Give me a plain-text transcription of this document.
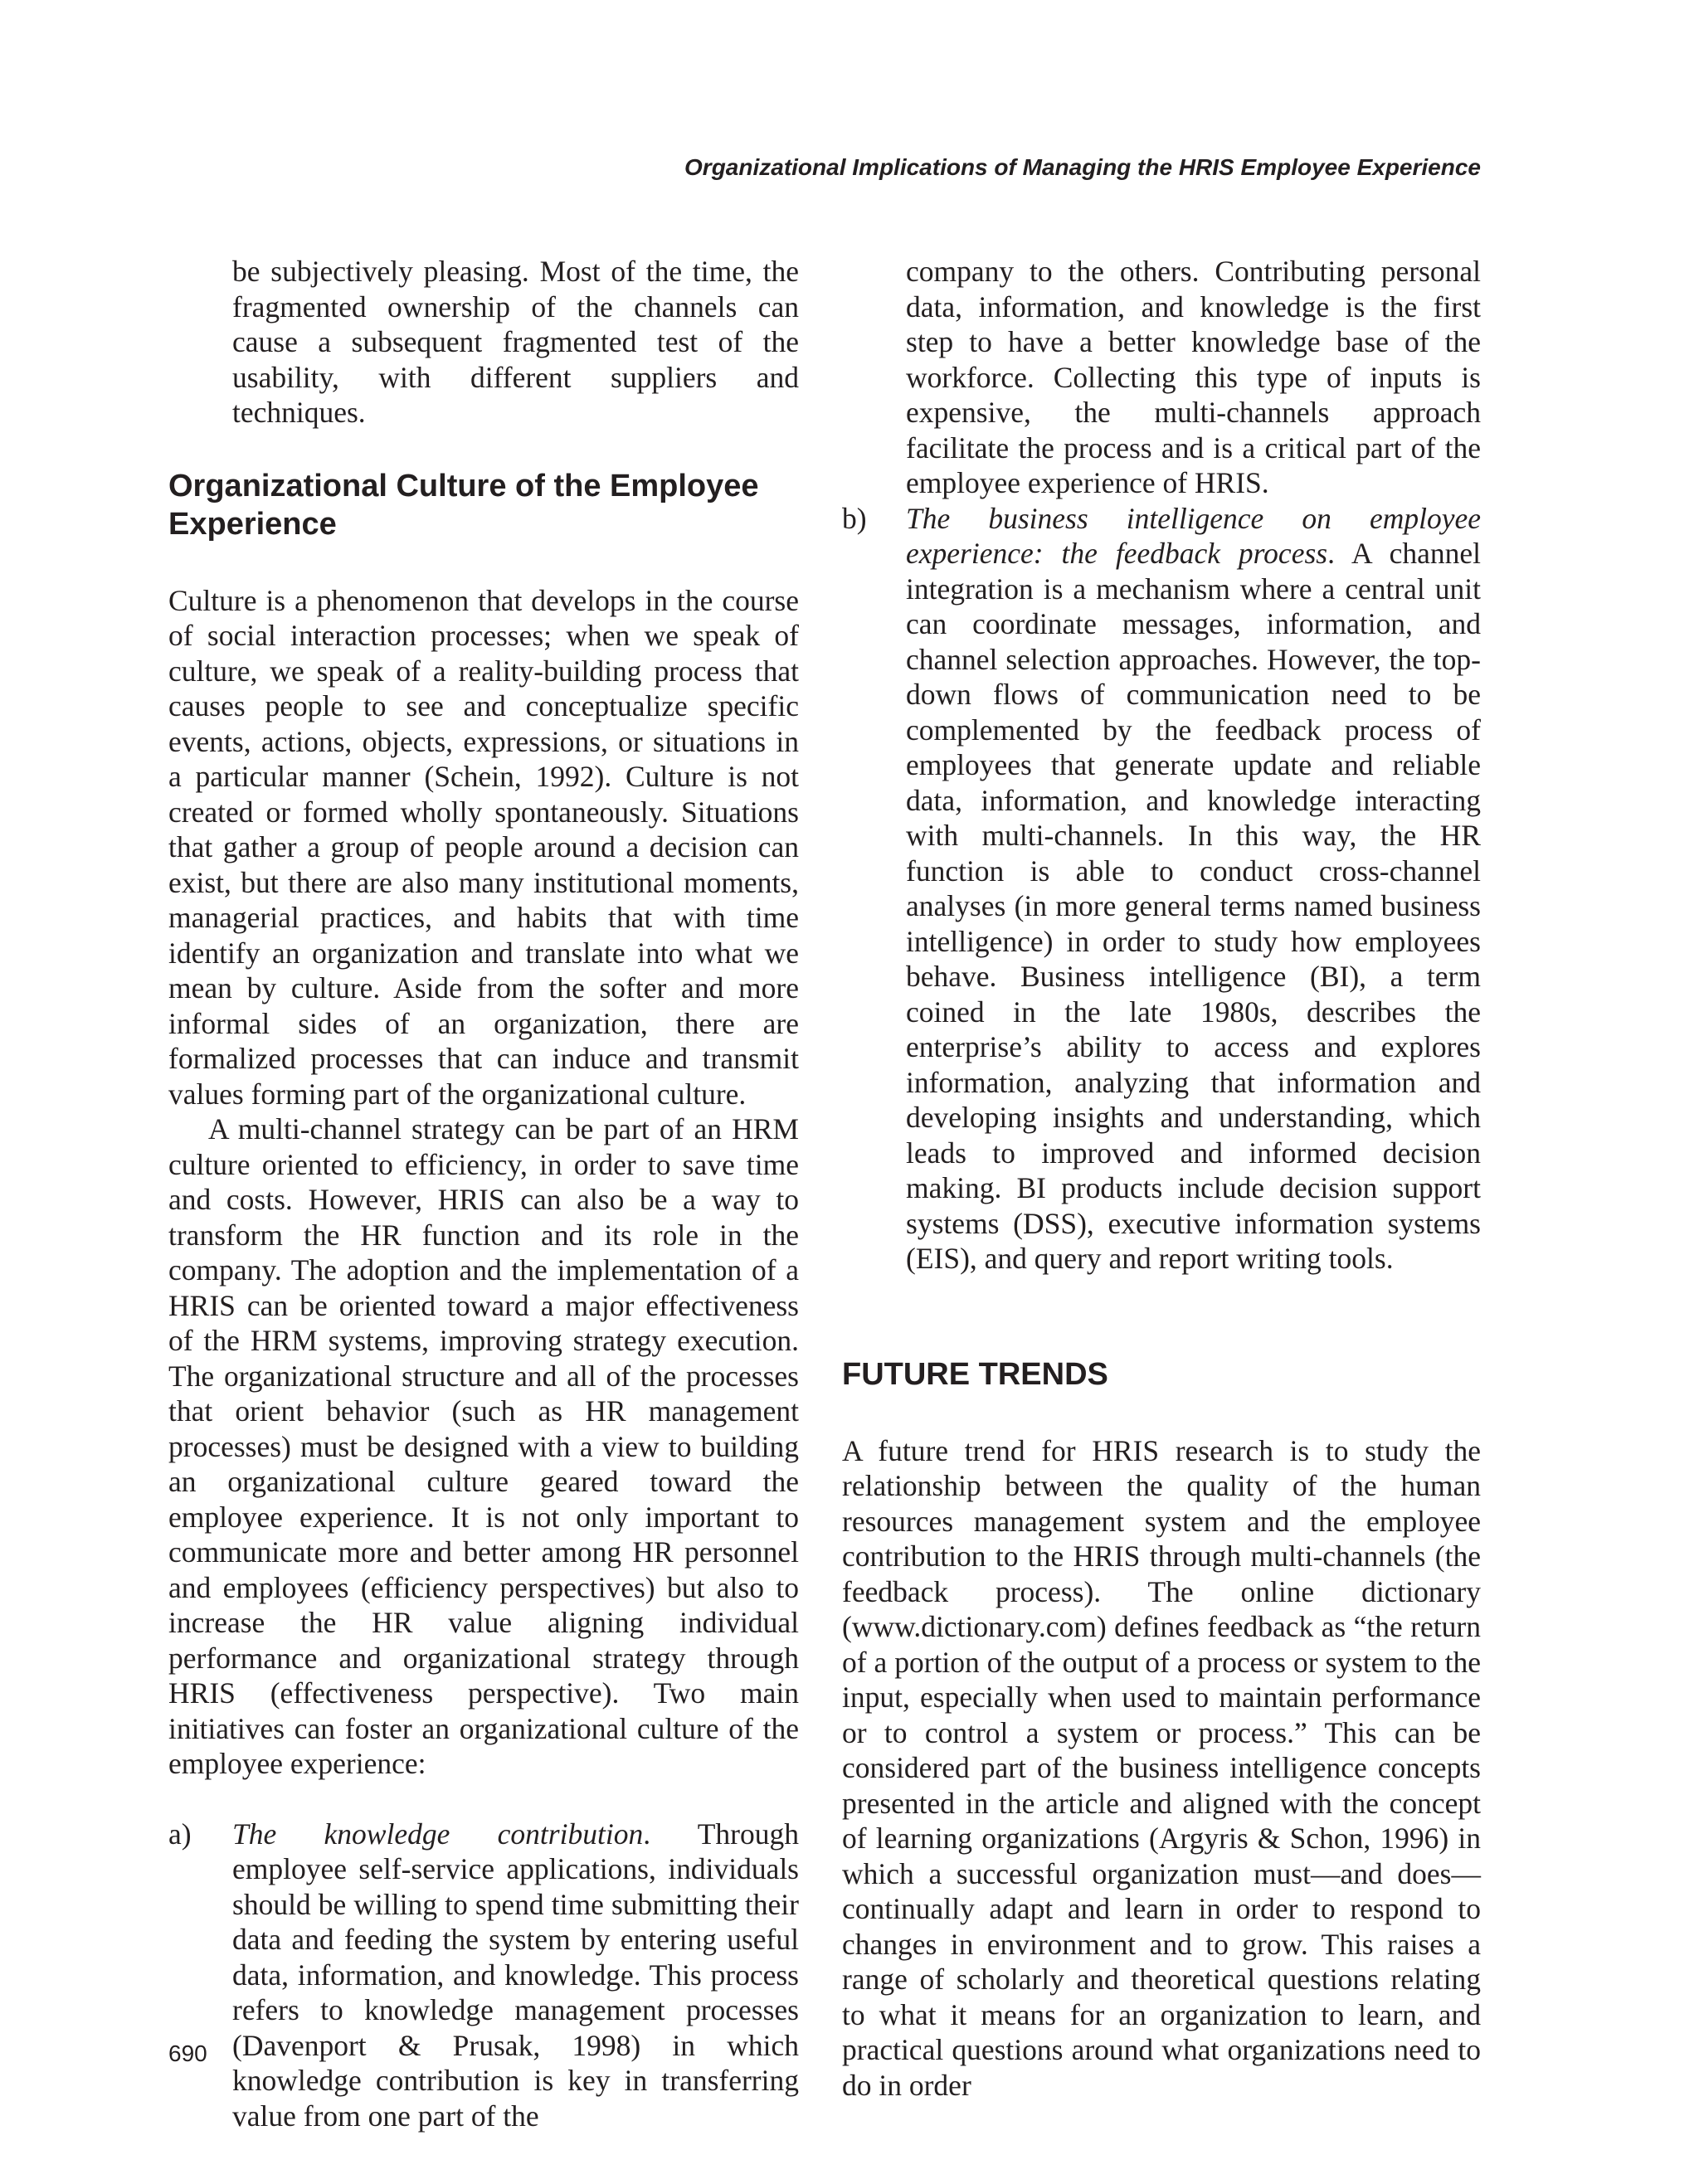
Organizational Implications of Managing the HRIS Employee Experience

be subjectively pleasing. Most of the time, the fragmented ownership of the channels can cause a subsequent fragmented test of the usability, with different suppliers and techniques.

Organizational Culture of the Employee Experience

Culture is a phenomenon that develops in the course of social interaction processes; when we speak of culture, we speak of a reality-building process that causes people to see and conceptualize specific events, actions, objects, expressions, or situations in a particular manner (Schein, 1992). Culture is not created or formed wholly spontaneously. Situations that gather a group of people around a decision can exist, but there are also many institutional moments, managerial practices, and habits that with time identify an organization and translate into what we mean by culture. Aside from the softer and more informal sides of an organization, there are formalized processes that can induce and transmit values forming part of the organizational culture.

A multi-channel strategy can be part of an HRM culture oriented to efficiency, in order to save time and costs. However, HRIS can also be a way to transform the HR function and its role in the company. The adoption and the implementation of a HRIS can be oriented toward a major effectiveness of the HRM systems, improving strategy execution. The organizational structure and all of the processes that orient behavior (such as HR management processes) must be designed with a view to building an organizational culture geared toward the employee experience. It is not only important to communicate more and better among HR personnel and employees (efficiency perspectives) but also to increase the HR value aligning individual performance and organizational strategy through HRIS (effectiveness perspective). Two main initiatives can foster an organizational culture of the employee experience:

a)	The knowledge contribution. Through employee self-service applications, individuals should be willing to spend time submitting their data and feeding the system by entering useful data, information, and knowledge. This process refers to knowledge management processes (Davenport & Prusak, 1998) in which knowledge contribution is key in transferring value from one part of the

company to the others. Contributing personal data, information, and knowledge is the first step to have a better knowledge base of the workforce. Collecting this type of inputs is expensive, the multi-channels approach facilitate the process and is a critical part of the employee experience of HRIS.

b)	The business intelligence on employee experience: the feedback process. A channel integration is a mechanism where a central unit can coordinate messages, information, and channel selection approaches. However, the top-down flows of communication need to be complemented by the feedback process of employees that generate update and reliable data, information, and knowledge interacting with multi-channels. In this way, the HR function is able to conduct cross-channel analyses (in more general terms named business intelligence) in order to study how employees behave. Business intelligence (BI), a term coined in the late 1980s, describes the enterprise’s ability to access and explores information, analyzing that information and developing insights and understanding, which leads to improved and informed decision making. BI products include decision support systems (DSS), executive information systems (EIS), and query and report writing tools.

FUTURE TRENDS

A future trend for HRIS research is to study the relationship between the quality of the human resources management system and the employee contribution to the HRIS through multi-channels (the feedback process). The online dictionary (www.dictionary.com) defines feedback as “the return of a portion of the output of a process or system to the input, especially when used to maintain performance or to control a system or process.” This can be considered part of the business intelligence concepts presented in the article and aligned with the concept of learning organizations (Argyris & Schon, 1996) in which a successful organization must—and does—continually adapt and learn in order to respond to changes in environment and to grow. This raises a range of scholarly and theoretical questions relating to what it means for an organization to learn, and practical questions around what organizations need to do in order

690
